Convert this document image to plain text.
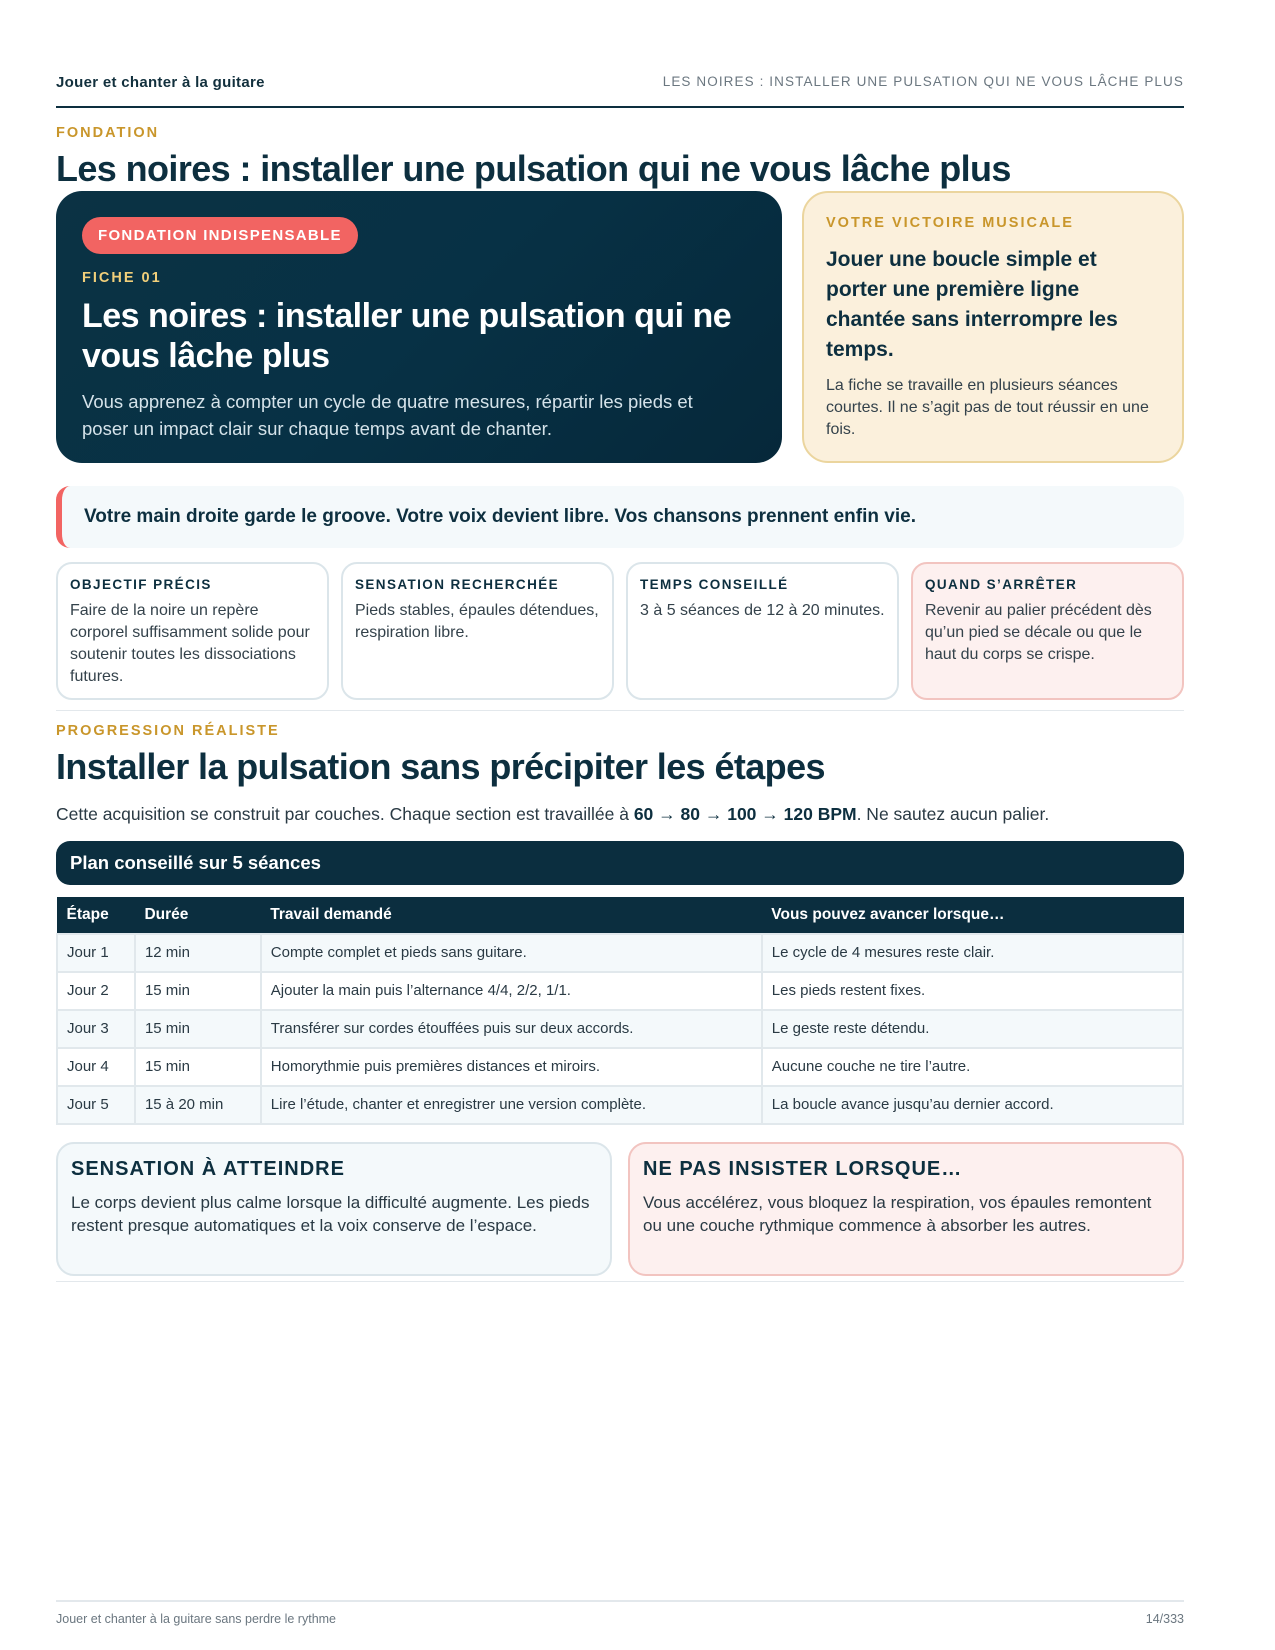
Jouer et chanter à la guitare	LES NOIRES : INSTALLER UNE PULSATION QUI NE VOUS LÂCHE PLUS
FONDATION
Les noires : installer une pulsation qui ne vous lâche plus
FONDATION INDISPENSABLE
FICHE 01
Les noires : installer une pulsation qui ne vous lâche plus
Vous apprenez à compter un cycle de quatre mesures, répartir les pieds et poser un impact clair sur chaque temps avant de chanter.
VOTRE VICTOIRE MUSICALE
Jouer une boucle simple et porter une première ligne chantée sans interrompre les temps.
La fiche se travaille en plusieurs séances courtes. Il ne s’agit pas de tout réussir en une fois.
Votre main droite garde le groove. Votre voix devient libre. Vos chansons prennent enfin vie.
OBJECTIF PRÉCIS
Faire de la noire un repère corporel suffisamment solide pour soutenir toutes les dissociations futures.
SENSATION RECHERCHÉE
Pieds stables, épaules détendues, respiration libre.
TEMPS CONSEILLÉ
3 à 5 séances de 12 à 20 minutes.
QUAND S’ARRÊTER
Revenir au palier précédent dès qu’un pied se décale ou que le haut du corps se crispe.
PROGRESSION RÉALISTE
Installer la pulsation sans précipiter les étapes
Cette acquisition se construit par couches. Chaque section est travaillée à 60 → 80 → 100 → 120 BPM. Ne sautez aucun palier.
Plan conseillé sur 5 séances
Étape	Durée	Travail demandé	Vous pouvez avancer lorsque…
Jour 1	12 min	Compte complet et pieds sans guitare.	Le cycle de 4 mesures reste clair.
Jour 2	15 min	Ajouter la main puis l’alternance 4/4, 2/2, 1/1.	Les pieds restent fixes.
Jour 3	15 min	Transférer sur cordes étouffées puis sur deux accords.	Le geste reste détendu.
Jour 4	15 min	Homorythmie puis premières distances et miroirs.	Aucune couche ne tire l’autre.
Jour 5	15 à 20 min	Lire l’étude, chanter et enregistrer une version complète.	La boucle avance jusqu’au dernier accord.
SENSATION À ATTEINDRE
Le corps devient plus calme lorsque la difficulté augmente. Les pieds restent presque automatiques et la voix conserve de l’espace.
NE PAS INSISTER LORSQUE…
Vous accélérez, vous bloquez la respiration, vos épaules remontent ou une couche rythmique commence à absorber les autres.
Jouer et chanter à la guitare sans perdre le rythme	14/333
